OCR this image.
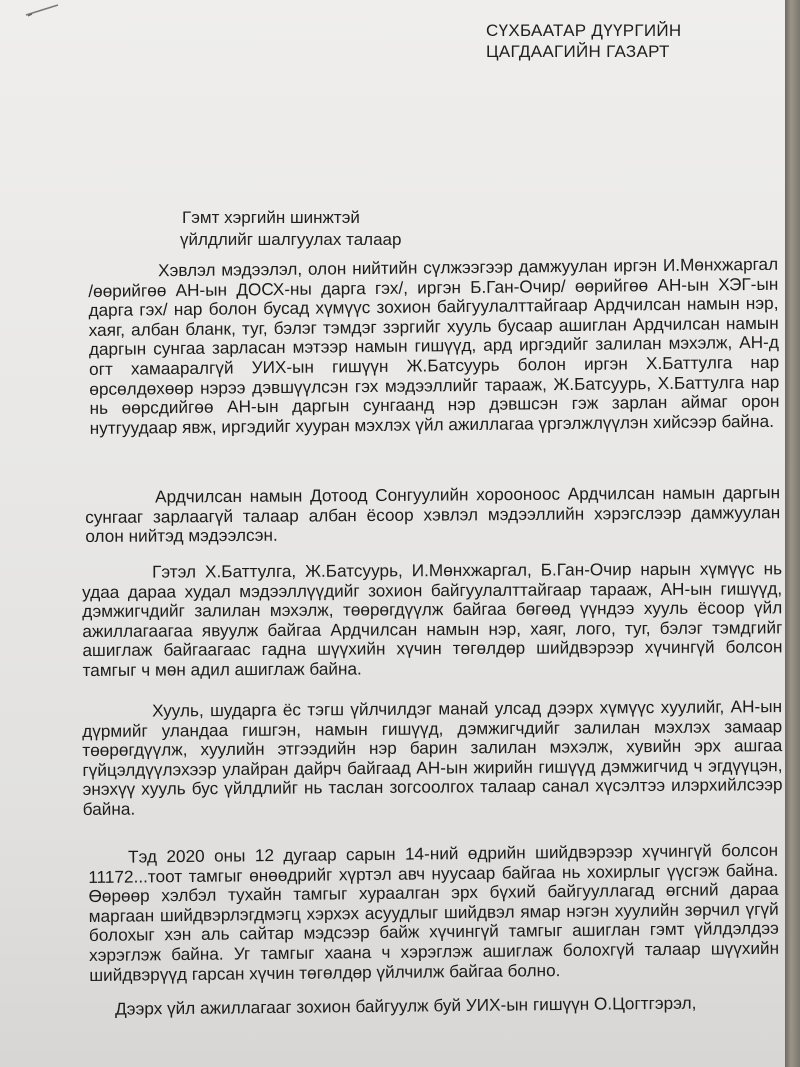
СҮХБААТАР ДҮҮРГИЙН
ЦАГДААГИЙН ГАЗАРТ
Гэмт хэргийн шинжтэй
үйлдлийг шалгуулах талаар

Хэвлэл мэдээлэл, олон нийтийн сүлжээгээр дамжуулан иргэн И.Мөнхжаргал /өөрийгөө АН-ын ДОСХ-ны дарга гэх/, иргэн Б.Ган-Очир/ өөрийгөө АН-ын ХЭГ-ын дарга гэх/ нар болон бусад хүмүүс зохион байгуулалттайгаар Ардчилсан намын нэр, хаяг, албан бланк, туг, бэлэг тэмдэг зэргийг хууль бусаар ашиглан Ардчилсан намын даргын сунгаа зарласан мэтээр намын гишүүд, ард иргэдийг залилан мэхэлж, АН-д огт хамааралгүй УИХ-ын гишүүн Ж.Батсуурь болон иргэн Х.Баттулга нар өрсөлдөхөөр нэрээ дэвшүүлсэн гэх мэдээллийг тарааж, Ж.Батсуурь, Х.Баттулга нар нь өөрсдийгөө АН-ын даргын сунгаанд нэр дэвшсэн гэж зарлан аймаг орон нутгуудаар явж, иргэдийг хууран мэхлэх үйл ажиллагаа үргэлжлүүлэн хийсээр байна.

Ардчилсан намын Дотоод Сонгуулийн хорооноос Ардчилсан намын даргын сунгааг зарлаагүй талаар албан ёсоор хэвлэл мэдээллийн хэрэгслээр дамжуулан олон нийтэд мэдээлсэн.

Гэтэл Х.Баттулга, Ж.Батсуурь, И.Мөнхжаргал, Б.Ган-Очир нарын хүмүүс нь удаа дараа худал мэдээллүүдийг зохион байгуулалттайгаар тарааж, АН-ын гишүүд, дэмжигчдийг залилан мэхэлж, төөрөгдүүлж байгаа бөгөөд үүндээ хууль ёсоор үйл ажиллагаагаа явуулж байгаа Ардчилсан намын нэр, хаяг, лого, туг, бэлэг тэмдгийг ашиглаж байгаагаас гадна шүүхийн хүчин төгөлдөр шийдвэрээр хүчингүй болсон тамгыг ч мөн адил ашиглаж байна.

Хууль, шударга ёс тэгш үйлчилдэг манай улсад дээрх хүмүүс хуулийг, АН-ын дүрмийг уландаа гишгэн, намын гишүүд, дэмжигчдийг залилан мэхлэх замаар төөрөгдүүлж, хуулийн этгээдийн нэр барин залилан мэхэлж, хувийн эрх ашгаа гүйцэлдүүлэхээр улайран дайрч байгаад АН-ын жирийн гишүүд дэмжигчид ч эгдүүцэн, энэхүү хууль бус үйлдлийг нь таслан зогсоолгох талаар санал хүсэлтээ илэрхийлсээр байна.

Тэд 2020 оны 12 дугаар сарын 14-ний өдрийн шийдвэрээр хүчингүй болсон 11172...тоот тамгыг өнөөдрийг хүртэл авч нуусаар байгаа нь хохирлыг үүсгэж байна. Өөрөөр хэлбэл тухайн тамгыг хураалган эрх бүхий байгууллагад өгсний дараа маргаан шийдвэрлэгдмэгц хэрхэх асуудлыг шийдвэл ямар нэгэн хуулийн зөрчил үгүй болохыг хэн аль сайтар мэдсээр байж хүчингүй тамгыг ашиглан гэмт үйлдэлдээ хэрэглэж байна. Уг тамгыг хаана ч хэрэглэж ашиглаж болохгүй талаар шүүхийн шийдвэрүүд гарсан хүчин төгөлдөр үйлчилж байгаа болно.

Дээрх үйл ажиллагааг зохион байгуулж буй УИХ-ын гишүүн О.Цогтгэрэл,
